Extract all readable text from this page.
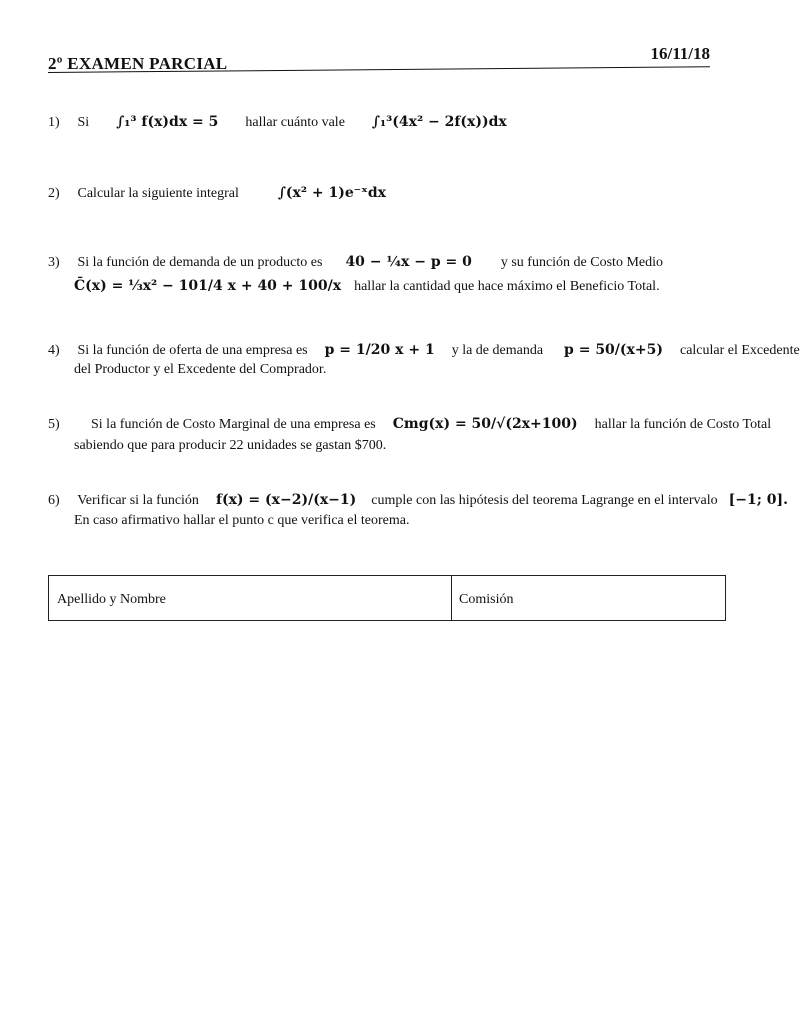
2º EXAMEN PARCIAL
16/11/18
1) Si ∫₁³ f(x)dx = 5 hallar cuánto vale ∫₁³(4x² − 2f(x))dx
2) Calcular la siguiente integral	∫(x² + 1)e⁻ˣdx
3) Si la función de demanda de un producto es 40 − ¼x − p = 0 y su función de Costo Medio
C̄(x) = ⅓x² − 101/4 x + 40 + 100/x hallar la cantidad que hace máximo el Beneficio Total.
4) Si la función de oferta de una empresa es p = 1/20 x + 1 y la de demanda p = 50/(x+5) calcular el Excedente
del Productor y el Excedente del Comprador.
5) Si la función de Costo Marginal de una empresa es Cmg(x) = 50/√(2x+100) hallar la función de Costo Total
sabiendo que para producir 22 unidades se gastan $700.
6) Verificar si la función f(x) = (x−2)/(x−1) cumple con las hipótesis del teorema Lagrange en el intervalo [−1; 0].
En caso afirmativo hallar el punto c que verifica el teorema.
Apellido y Nombre	Comisión
